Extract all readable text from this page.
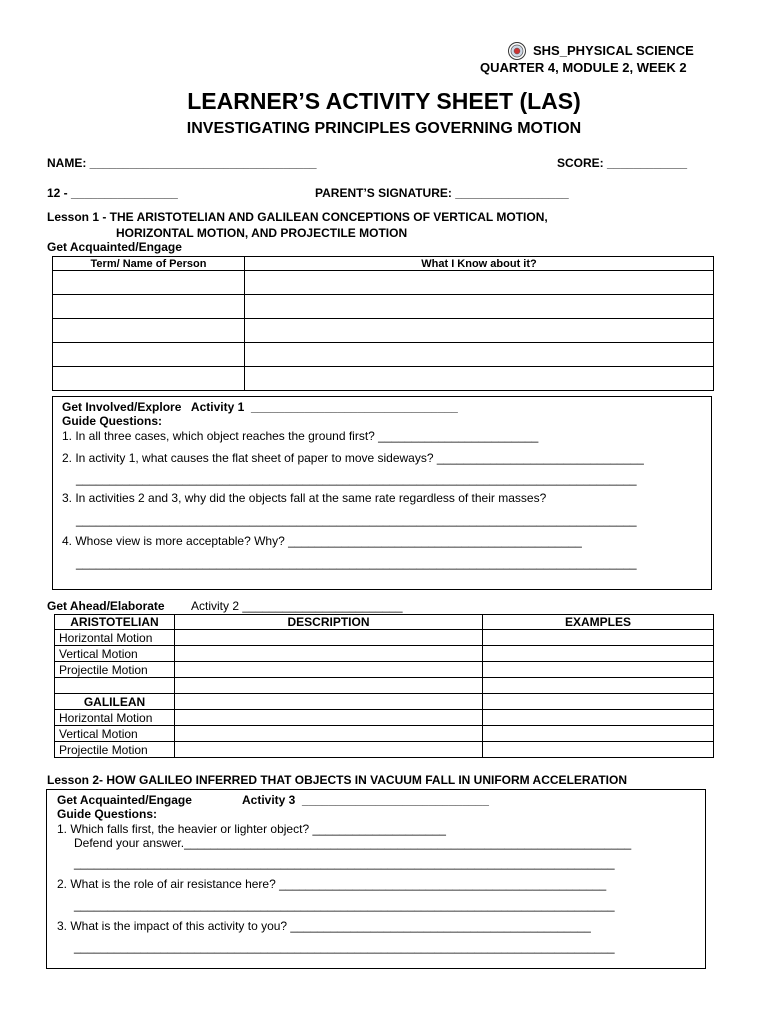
SHS_PHYSICAL SCIENCE
QUARTER 4, MODULE 2, WEEK 2
LEARNER’S ACTIVITY SHEET (LAS)
INVESTIGATING PRINCIPLES GOVERNING MOTION
NAME: __________________________________	SCORE: ____________
12 - ________________	PARENT’S SIGNATURE: _________________
Lesson 1 - THE ARISTOTELIAN AND GALILEAN CONCEPTIONS OF VERTICAL MOTION,
HORIZONTAL MOTION, AND PROJECTILE MOTION
Get Acquainted/Engage
Term/ Name of Person	What I Know about it?

Get Involved/Explore   Activity 1  _______________________________
Guide Questions:
1. In all three cases, which object reaches the ground first? ________________________
2. In activity 1, what causes the flat sheet of paper to move sideways? _______________________________
____________________________________________________________________________________
3. In activities 2 and 3, why did the objects fall at the same rate regardless of their masses?
____________________________________________________________________________________
4. Whose view is more acceptable? Why? ____________________________________________
____________________________________________________________________________________
Get Ahead/Elaborate Activity 2 ________________________
ARISTOTELIAN	DESCRIPTION	EXAMPLES
Horizontal Motion		
Vertical Motion		
Projectile Motion		

GALILEAN		
Horizontal Motion		
Vertical Motion		
Projectile Motion		
Lesson 2- HOW GALILEO INFERRED THAT OBJECTS IN VACUUM FALL IN UNIFORM ACCELERATION
Get Acquainted/Engage	Activity 3  ____________________________
Guide Questions:
1. Which falls first, the heavier or lighter object? ____________________
Defend your answer.___________________________________________________________________
_________________________________________________________________________________
2. What is the role of air resistance here? _________________________________________________
_________________________________________________________________________________
3. What is the impact of this activity to you? _____________________________________________
_________________________________________________________________________________
